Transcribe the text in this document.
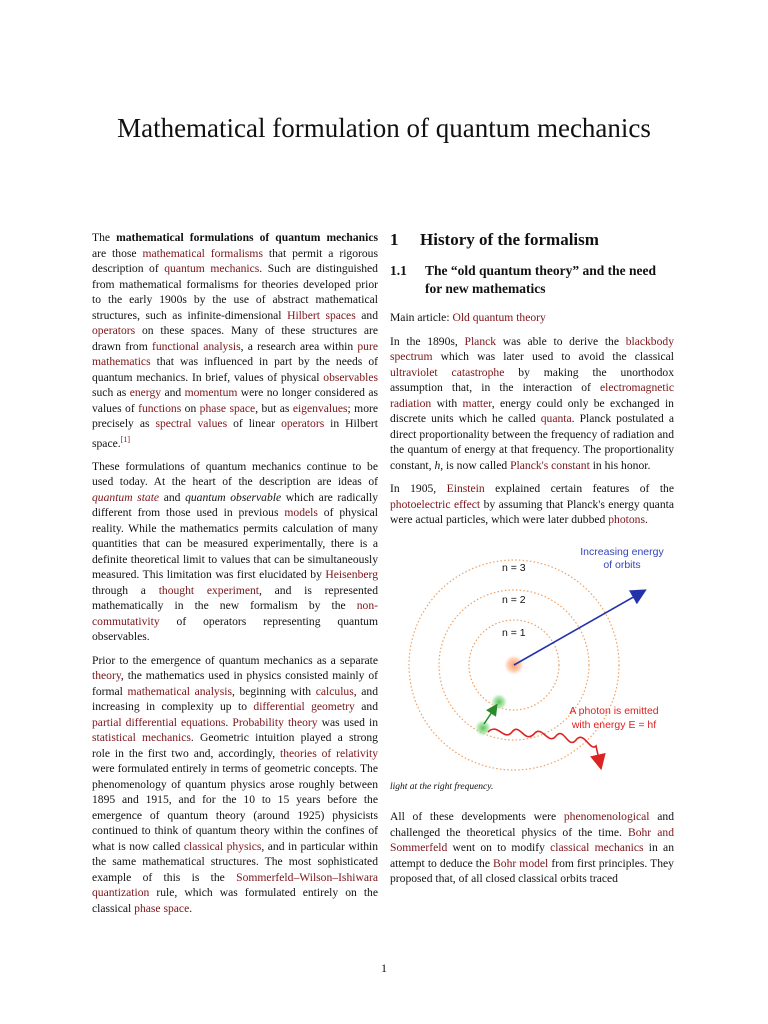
Mathematical formulation of quantum mechanics

The mathematical formulations of quantum mechanics are those mathematical formalisms that permit a rigorous description of quantum mechanics. Such are distinguished from mathematical formalisms for theories developed prior to the early 1900s by the use of abstract mathematical structures, such as infinite-dimensional Hilbert spaces and operators on these spaces. Many of these structures are drawn from functional analysis, a research area within pure mathematics that was influenced in part by the needs of quantum mechanics. In brief, values of physical observables such as energy and momentum were no longer considered as values of functions on phase space, but as eigenvalues; more precisely as spectral values of linear operators in Hilbert space.[1]

These formulations of quantum mechanics continue to be used today. At the heart of the description are ideas of quantum state and quantum observable which are radically different from those used in previous models of physical reality. While the mathematics permits calculation of many quantities that can be measured experimentally, there is a definite theoretical limit to values that can be simultaneously measured. This limitation was first elucidated by Heisenberg through a thought experiment, and is represented mathematically in the new formalism by the non-commutativity of operators representing quantum observables.

Prior to the emergence of quantum mechanics as a separate theory, the mathematics used in physics consisted mainly of formal mathematical analysis, beginning with calculus, and increasing in complexity up to differential geometry and partial differential equations. Probability theory was used in statistical mechanics. Geometric intuition played a strong role in the first two and, accordingly, theories of relativity were formulated entirely in terms of geometric concepts. The phenomenology of quantum physics arose roughly between 1895 and 1915, and for the 10 to 15 years before the emergence of quantum theory (around 1925) physicists continued to think of quantum theory within the confines of what is now called classical physics, and in particular within the same mathematical structures. The most sophisticated example of this is the Sommerfeld–Wilson–Ishiwara quantization rule, which was formulated entirely on the classical phase space.

1 History of the formalism
1.1	The “old quantum theory” and the need for new mathematics

Main article: Old quantum theory

In the 1890s, Planck was able to derive the blackbody spectrum which was later used to avoid the classical ultraviolet catastrophe by making the unorthodox assumption that, in the interaction of electromagnetic radiation with matter, energy could only be exchanged in discrete units which he called quanta. Planck postulated a direct proportionality between the frequency of radiation and the quantum of energy at that frequency. The proportionality constant, h, is now called Planck's constant in his honor.

In 1905, Einstein explained certain features of the photoelectric effect by assuming that Planck's energy quanta were actual particles, which were later dubbed photons.

n = 3
n = 2
n = 1
Increasing energy
of orbits
A photon is emitted
with energy E = hf
light at the right frequency.

All of these developments were phenomenological and challenged the theoretical physics of the time. Bohr and Sommerfeld went on to modify classical mechanics in an attempt to deduce the Bohr model from first principles. They proposed that, of all closed classical orbits traced

1
